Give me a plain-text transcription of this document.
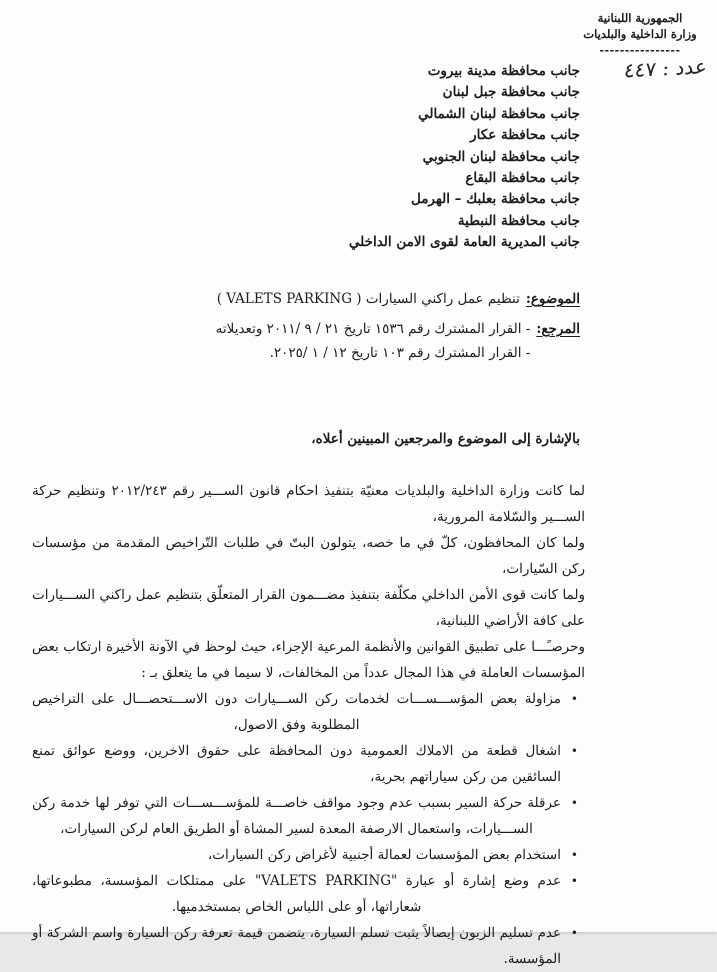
الجمهورية اللبنانية
وزارة الداخلية والبلديات
----------------
عدد : ٤٤٧
جانب محافظة مدينة بيروت
جانب محافظة جبل لبنان
جانب محافظة لبنان الشمالي
جانب محافظة عكار
جانب محافظة لبنان الجنوبي
جانب محافظة البقاع
جانب محافظة بعلبك – الهرمل
جانب محافظة النبطية
جانب المديرية العامة لقوى الامن الداخلي
الموضوع:
تنظيم عمل راكني السيارات ( VALETS PARKING )
المرجع:
- القرار المشترك رقم ١٥٣٦ تاريخ ٢١ / ٩ /٢٠١١ وتعديلاته
- القرار المشترك رقم ١٠٣ تاريخ ١٢ / ١ /٢٠٢٥.
بالإشارة إلى الموضوع والمرجعين المبينين أعلاه،

لما كانت وزارة الداخلية والبلديات معنيّة بتنفيذ احكام قانون الســـير رقم ٢٠١٢/٢٤٣ وتنظيم حركة الســـير والسّلامة المرورية،

ولما كان المحافظون، كلّ في ما خصه، يتولون البتّ في طلبات التّراخيص المقدمة من مؤسسات ركن السّيارات،

ولما كانت قوى الأمن الداخلي مكلّفة بتنفيذ مضـــمون القرار المتعلّق بتنظيم عمل راكني الســـيارات على كافة الأراضي اللبنانية،

وحرصـًـــا على تطبيق القوانين والأنظمة المرعية الإجراء، حيث لوحظ في الآونة الأخيرة ارتكاب بعض المؤسسات العاملة في هذا المجال عدداً من المخالفات، لا سيما في ما يتعلق بـ :

•
مزاولة بعض المؤســـســـات لخدمات ركن الســـيارات دون الاســـتحصـــال على التراخيص المطلوبة وفق الاصول،

•
اشغال قطعة من الاملاك العمومية دون المحافظة على حقوق الاخرين، ووضع عوائق تمنع السائقين من ركن سياراتهم بحرية،

•
عرقلة حركة السير بسبب عدم وجود مواقف خاصـــة للمؤســـســـات التي توفر لها خدمة ركن الســـيارات، واستعمال الارصفة المعدة لسير المشاة أو الطريق العام لركن السيارات،

•
استخدام بعض المؤسسات لعمالة أجنبية لأغراض ركن السيارات،

•
عدم وضع إشارة أو عبارة "VALETS PARKING" على ممتلكات المؤسسة، مطبوعاتها، شعاراتها، أو على اللباس الخاص بمستخدميها.

•
عدم تسليم الزبون إيصالاً يثبت تسلم السيارة، يتضمن قيمة تعرفة ركن السيارة واسم الشركة أو المؤسسة.
